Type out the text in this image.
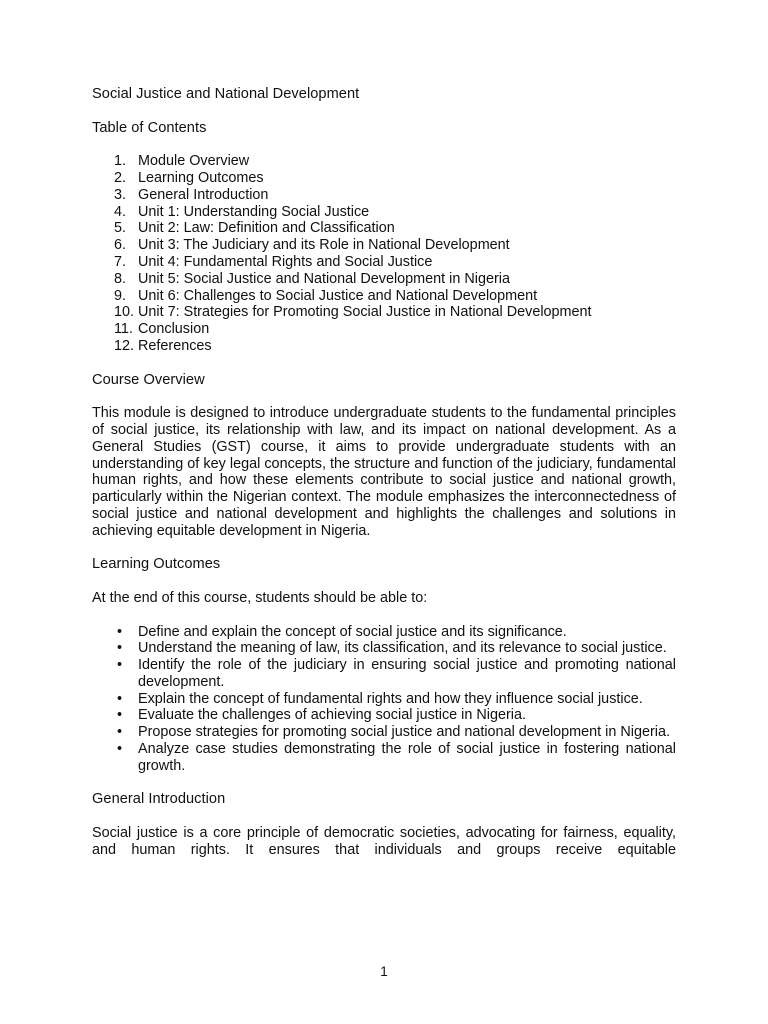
Social Justice and National Development
Table of Contents
1. Module Overview
2. Learning Outcomes
3. General Introduction
4. Unit 1: Understanding Social Justice
5. Unit 2: Law: Definition and Classification
6. Unit 3: The Judiciary and its Role in National Development
7. Unit 4: Fundamental Rights and Social Justice
8. Unit 5: Social Justice and National Development in Nigeria
9. Unit 6: Challenges to Social Justice and National Development
10. Unit 7: Strategies for Promoting Social Justice in National Development
11. Conclusion
12. References
Course Overview

This module is designed to introduce undergraduate students to the fundamental principles of social justice, its relationship with law, and its impact on national development. As a General Studies (GST) course, it aims to provide undergraduate students with an understanding of key legal concepts, the structure and function of the judiciary, fundamental human rights, and how these elements contribute to social justice and national growth, particularly within the Nigerian context. The module emphasizes the interconnectedness of social justice and national development and highlights the challenges and solutions in achieving equitable development in Nigeria.

Learning Outcomes

At the end of this course, students should be able to:

• Define and explain the concept of social justice and its significance.
• Understand the meaning of law, its classification, and its relevance to social justice.
• Identify the role of the judiciary in ensuring social justice and promoting national development.
• Explain the concept of fundamental rights and how they influence social justice.
• Evaluate the challenges of achieving social justice in Nigeria.
• Propose strategies for promoting social justice and national development in Nigeria.
• Analyze case studies demonstrating the role of social justice in fostering national growth.
General Introduction

Social justice is a core principle of democratic societies, advocating for fairness, equality, and human rights. It ensures that individuals and groups receive equitable

1
